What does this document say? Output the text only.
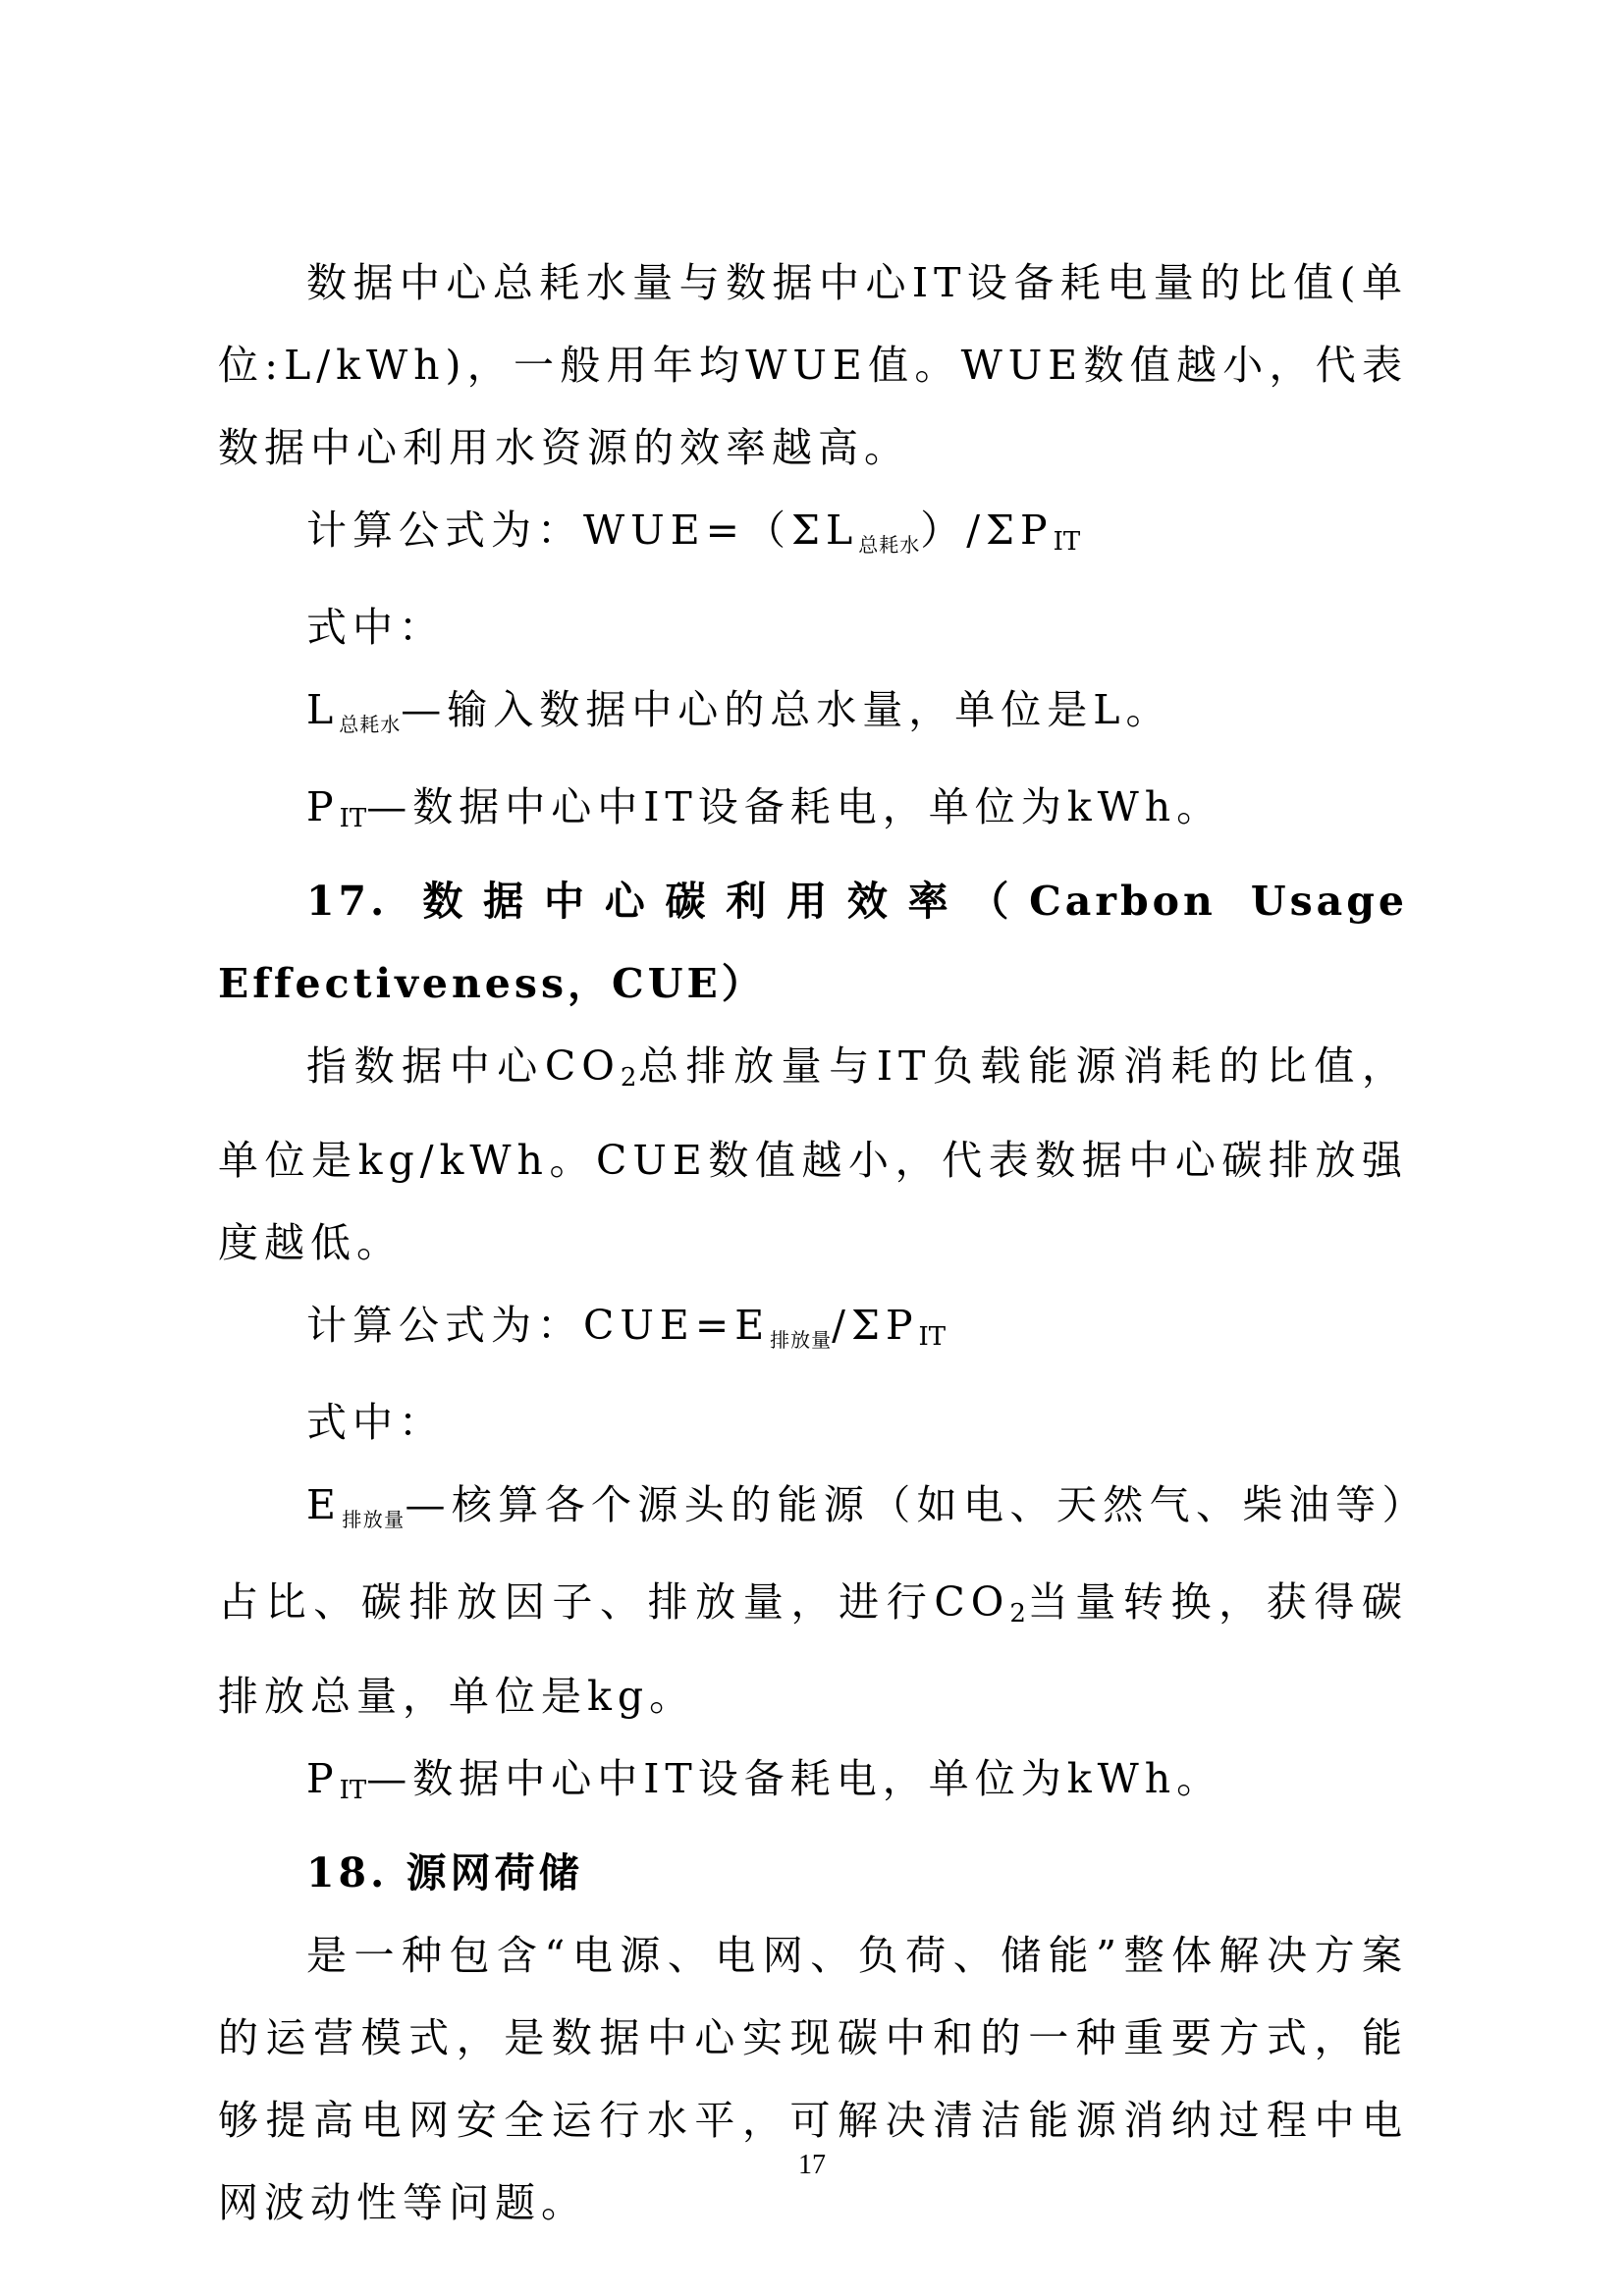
数据中心总耗水量与数据中心IT设备耗电量的比值(单位:L/kWh)，一般用年均WUE值。WUE数值越小，代表数据中心利用水资源的效率越高。

计算公式为：WUE=（ΣL总耗水）/ΣPIT

式中：

L总耗水—输入数据中心的总水量，单位是L。

PIT—数据中心中IT设备耗电，单位为kWh。

17. 数据中心碳利用效率（Carbon Usage Effectiveness，CUE）

指数据中心CO2总排放量与IT负载能源消耗的比值，单位是kg/kWh。CUE数值越小，代表数据中心碳排放强度越低。

计算公式为：CUE=E排放量/ΣPIT

式中：

E排放量—核算各个源头的能源（如电、天然气、柴油等）占比、碳排放因子、排放量，进行CO2当量转换，获得碳排放总量，单位是kg。

PIT—数据中心中IT设备耗电，单位为kWh。

18. 源网荷储

是一种包含“电源、电网、负荷、储能”整体解决方案的运营模式，是数据中心实现碳中和的一种重要方式，能够提高电网安全运行水平，可解决清洁能源消纳过程中电网波动性等问题。

17
